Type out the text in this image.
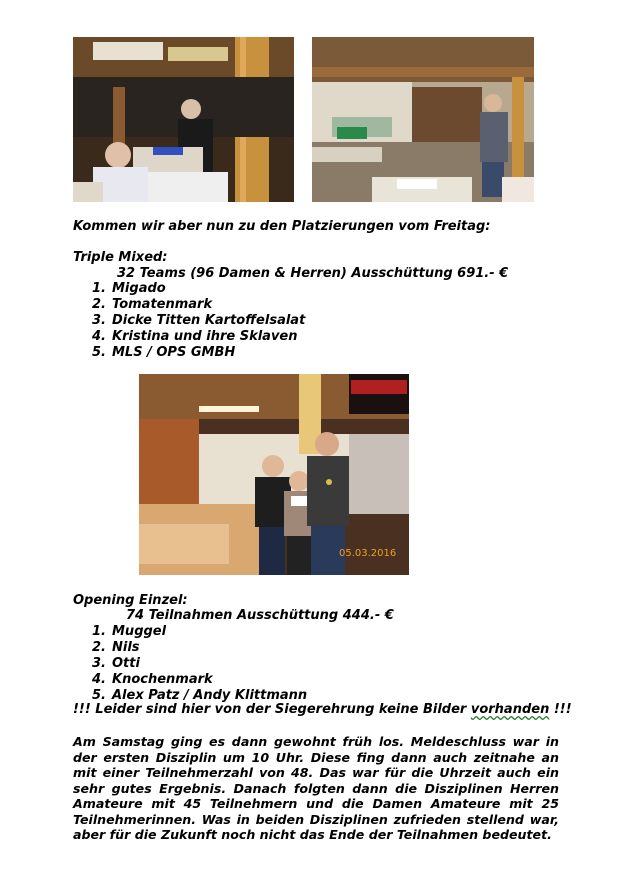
Kommen wir aber nun zu den Platzierungen vom Freitag:
Triple Mixed:
32 Teams (96 Damen & Herren) Ausschüttung 691.- €
1. Migado
2. Tomatenmark
3. Dicke Titten Kartoffelsalat
4. Kristina und ihre Sklaven
5. MLS / OPS GMBH
05.03.2016
Opening Einzel:
74 Teilnahmen Ausschüttung 444.- €
1. Muggel
2. Nils
3. Otti
4. Knochenmark
5. Alex Patz / Andy Klittmann
!!! Leider sind hier von der Siegerehrung keine Bilder vorhanden !!!
Am Samstag ging es dann gewohnt früh los. Meldeschluss war in der ersten Disziplin um 10 Uhr. Diese fing dann auch zeitnahe an mit einer Teilnehmerzahl von 48. Das war für die Uhrzeit auch ein sehr gutes Ergebnis. Danach folgten dann die Disziplinen Herren Amateure mit 45 Teilnehmern und die Damen Amateure mit 25 Teilnehmerinnen. Was in beiden Disziplinen zufrieden stellend war, aber für die Zukunft noch nicht das Ende der Teilnahmen bedeutet.
